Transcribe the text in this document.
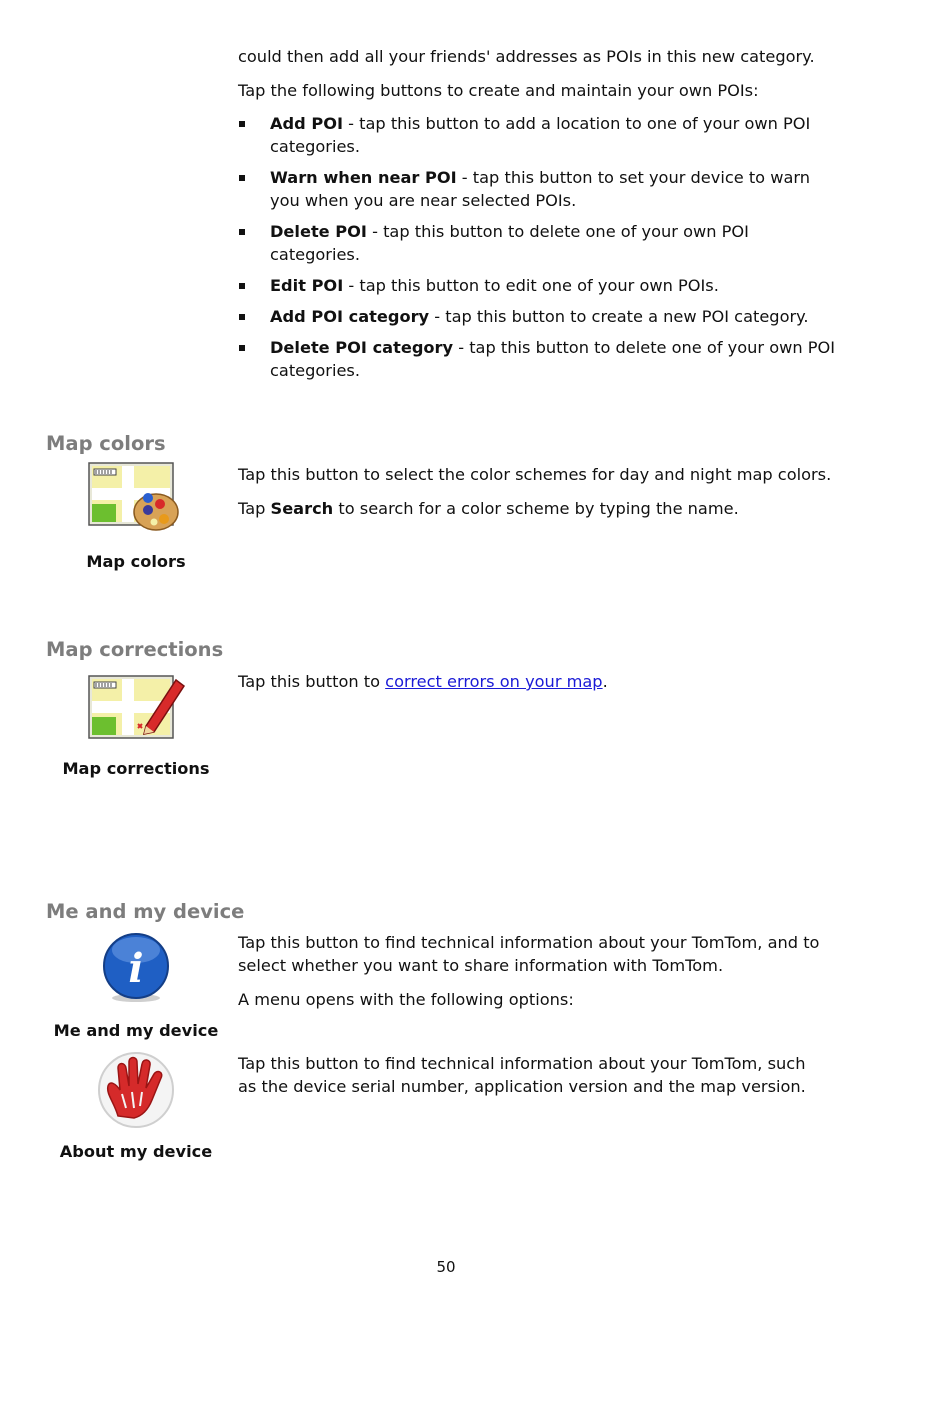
could then add all your friends' addresses as POIs in this new category.

Tap the following buttons to create and maintain your own POIs:

Add POI - tap this button to add a location to one of your own POI categories.
Warn when near POI - tap this button to set your device to warn you when you are near selected POIs.
Delete POI - tap this button to delete one of your own POI categories.
Edit POI - tap this button to edit one of your own POIs.
Add POI category - tap this button to create a new POI category.
Delete POI category - tap this button to delete one of your own POI categories.
Map colors
Map colors

Tap this button to select the color schemes for day and night map colors.

Tap Search to search for a color scheme by typing the name.

Map corrections
Map corrections

Tap this button to correct errors on your map.

Me and my device
i
Me and my device

Tap this button to find technical information about your TomTom, and to select whether you want to share information with TomTom.

A menu opens with the following options:

About my device

Tap this button to find technical information about your TomTom, such as the device serial number, application version and the map version.

50
